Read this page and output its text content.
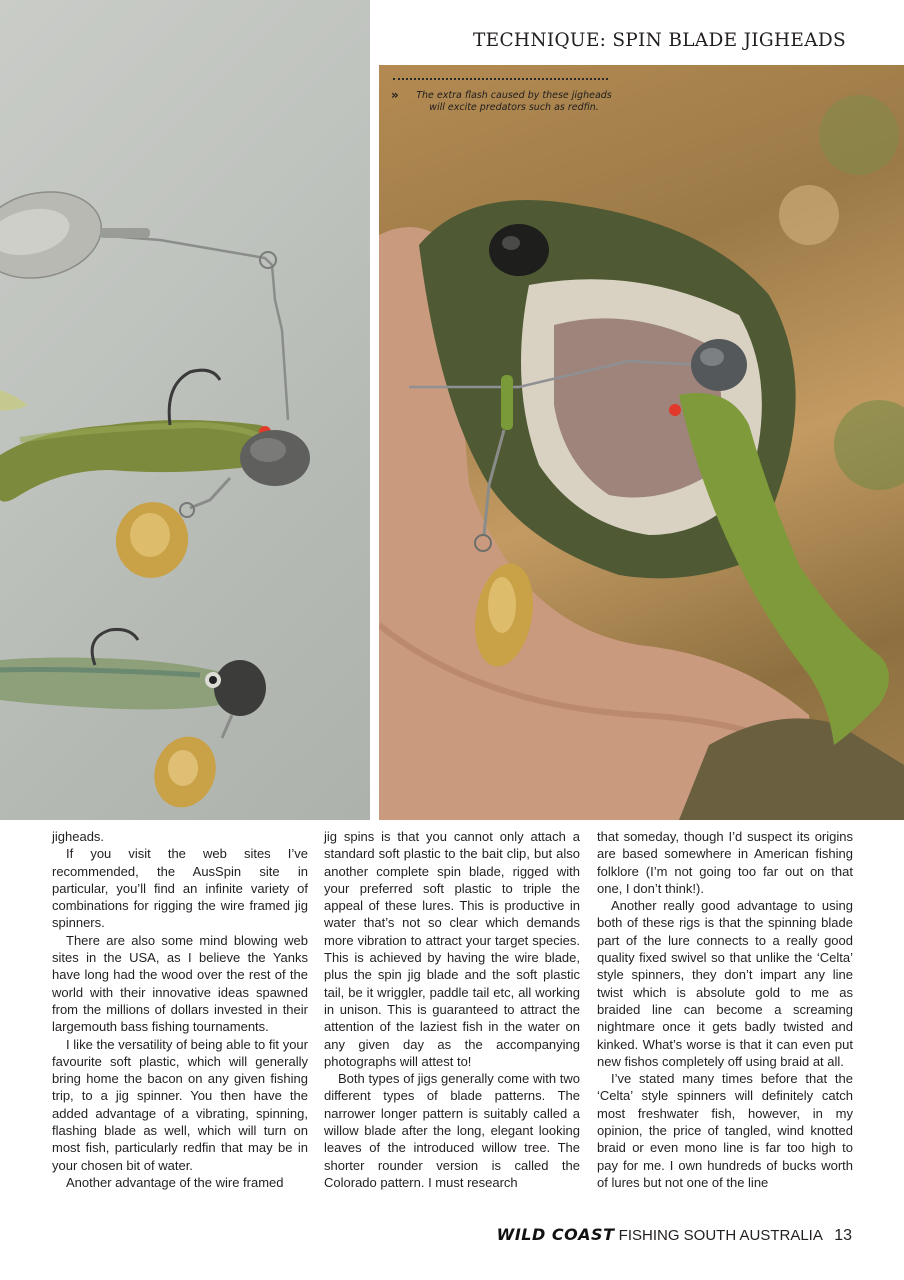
TECHNIQUE: SPIN BLADE JIGHEADS
» The extra flash caused by these jigheads will excite predators such as redfin.

jigheads.

If you visit the web sites I’ve recommended, the AusSpin site in particular, you’ll find an infinite variety of combinations for rigging the wire framed jig spinners.

There are also some mind blowing web sites in the USA, as I believe the Yanks have long had the wood over the rest of the world with their innovative ideas spawned from the millions of dollars invested in their largemouth bass fishing tournaments.

I like the versatility of being able to fit your favourite soft plastic, which will generally bring home the bacon on any given fishing trip, to a jig spinner. You then have the added advantage of a vibrating, spinning, flashing blade as well, which will turn on most fish, particularly redfin that may be in your chosen bit of water.

Another advantage of the wire framed

jig spins is that you cannot only attach a standard soft plastic to the bait clip, but also another complete spin blade, rigged with your preferred soft plastic to triple the appeal of these lures. This is productive in water that’s not so clear which demands more vibration to attract your target species. This is achieved by having the wire blade, plus the spin jig blade and the soft plastic tail, be it wriggler, paddle tail etc, all working in unison. This is guaranteed to attract the attention of the laziest fish in the water on any given day as the accompanying photographs will attest to!

Both types of jigs generally come with two different types of blade patterns. The narrower longer pattern is suitably called a willow blade after the long, elegant looking leaves of the introduced willow tree. The shorter rounder version is called the Colorado pattern. I must research

that someday, though I’d suspect its origins are based somewhere in American fishing folklore (I’m not going too far out on that one, I don’t think!).

Another really good advantage to using both of these rigs is that the spinning blade part of the lure connects to a really good quality fixed swivel so that unlike the ‘Celta’ style spinners, they don’t impart any line twist which is absolute gold to me as braided line can become a screaming nightmare once it gets badly twisted and kinked. What’s worse is that it can even put new fishos completely off using braid at all.

I’ve stated many times before that the ‘Celta’ style spinners will definitely catch most freshwater fish, however, in my opinion, the price of tangled, wind knotted braid or even mono line is far too high to pay for me. I own hundreds of bucks worth of lures but not one of the line

WILD COAST FISHING SOUTH AUSTRALIA 13
